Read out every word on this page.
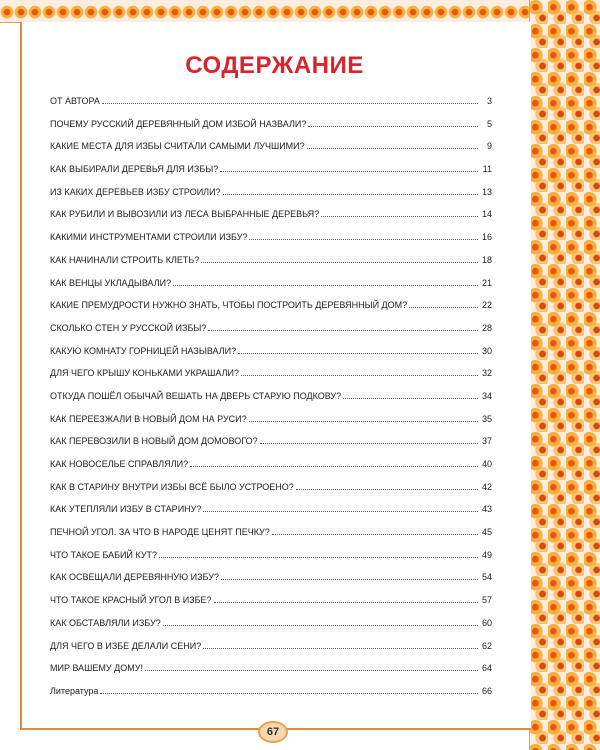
СОДЕРЖАНИЕ
ОТ АВТОРА	3
ПОЧЕМУ РУССКИЙ ДЕРЕВЯННЫЙ ДОМ ИЗБОЙ НАЗВАЛИ?	5
КАКИЕ МЕСТА ДЛЯ ИЗБЫ СЧИТАЛИ САМЫМИ ЛУЧШИМИ?	9
КАК ВЫБИРАЛИ ДЕРЕВЬЯ ДЛЯ ИЗБЫ?	11
ИЗ КАКИХ ДЕРЕВЬЕВ ИЗБУ СТРОИЛИ?	13
КАК РУБИЛИ И ВЫВОЗИЛИ ИЗ ЛЕСА ВЫБРАННЫЕ ДЕРЕВЬЯ?	14
КАКИМИ ИНСТРУМЕНТАМИ СТРОИЛИ ИЗБУ?	16
КАК НАЧИНАЛИ СТРОИТЬ КЛЕТЬ?	18
КАК ВЕНЦЫ УКЛАДЫВАЛИ?	21
КАКИЕ ПРЕМУДРОСТИ НУЖНО ЗНАТЬ, ЧТОБЫ ПОСТРОИТЬ ДЕРЕВЯННЫЙ ДОМ?	22
СКОЛЬКО СТЕН У РУССКОЙ ИЗБЫ?	28
КАКУЮ КОМНАТУ ГОРНИЦЕЙ НАЗЫВАЛИ?	30
ДЛЯ ЧЕГО КРЫШУ КОНЬКАМИ УКРАШАЛИ?	32
ОТКУДА ПОШЁЛ ОБЫЧАЙ ВЕШАТЬ НА ДВЕРЬ СТАРУЮ ПОДКОВУ?	34
КАК ПЕРЕЕЗЖАЛИ В НОВЫЙ ДОМ НА РУСИ?	35
КАК ПЕРЕВОЗИЛИ В НОВЫЙ ДОМ ДОМОВОГО?	37
КАК НОВОСЕЛЬЕ СПРАВЛЯЛИ?	40
КАК В СТАРИНУ ВНУТРИ ИЗБЫ ВСЁ БЫЛО УСТРОЕНО?	42
КАК УТЕПЛЯЛИ ИЗБУ В СТАРИНУ?	43
ПЕЧНОЙ УГОЛ. ЗА ЧТО В НАРОДЕ ЦЕНЯТ ПЕЧКУ?	45
ЧТО ТАКОЕ БАБИЙ КУТ?	49
КАК ОСВЕЩАЛИ ДЕРЕВЯННУЮ ИЗБУ?	54
ЧТО ТАКОЕ КРАСНЫЙ УГОЛ В ИЗБЕ?	57
КАК ОБСТАВЛЯЛИ ИЗБУ?	60
ДЛЯ ЧЕГО В ИЗБЕ ДЕЛАЛИ СЕНИ?	62
МИР ВАШЕМУ ДОМУ!	64
Литература	66
67
